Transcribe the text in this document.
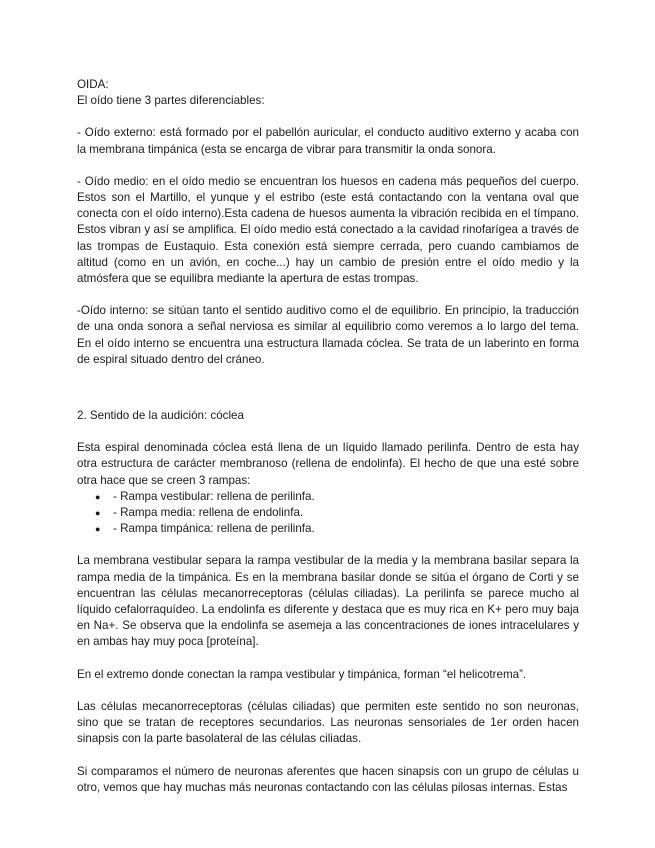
OIDA:

El oído tiene 3 partes diferenciables:

- Oído externo: está formado por el pabellón auricular, el conducto auditivo externo y acaba con la membrana timpánica (esta se encarga de vibrar para transmitir la onda sonora.

- Oído medio: en el oído medio se encuentran los huesos en cadena más pequeños del cuerpo. Estos son el Martillo, el yunque y el estribo (este está contactando con la ventana oval que conecta con el oído interno).Esta cadena de huesos aumenta la vibración recibida en el tímpano. Estos vibran y así se amplifica. El oído medio está conectado a la cavidad rinofarígea a través de las trompas de Eustaquio. Esta conexión está siempre cerrada, pero cuando cambiamos de altitud (como en un avión, en coche...) hay un cambio de presión entre el oído medio y la atmósfera que se equilibra mediante la apertura de estas trompas.

-Oído interno: se sitúan tanto el sentido auditivo como el de equilibrio. En principio, la traducción de una onda sonora a señal nerviosa es similar al equilibrio como veremos a lo largo del tema. En el oído interno se encuentra una estructura llamada cóclea. Se trata de un laberinto en forma de espiral situado dentro del cráneo.

2. Sentido de la audición: cóclea

Esta espiral denominada cóclea está llena de un líquido llamado perilinfa. Dentro de esta hay otra estructura de carácter membranoso (rellena de endolinfa). El hecho de que una esté sobre otra hace que se creen 3 rampas:

● - Rampa vestibular: rellena de perilinfa.
● - Rampa media: rellena de endolinfa.
● - Rampa timpánica: rellena de perilinfa.

La membrana vestibular separa la rampa vestibular de la media y la membrana basilar separa la rampa media de la timpánica. Es en la membrana basilar donde se sitúa el órgano de Corti y se encuentran las células mecanorreceptoras (células ciliadas). La perilinfa se parece mucho al líquido cefalorraquídeo. La endolinfa es diferente y destaca que es muy rica en K+ pero muy baja en Na+. Se observa que la endolinfa se asemeja a las concentraciones de iones intracelulares y en ambas hay muy poca [proteína].

En el extremo donde conectan la rampa vestibular y timpánica, forman “el helicotrema”.

Las células mecanorreceptoras (células ciliadas) que permiten este sentido no son neuronas, sino que se tratan de receptores secundarios. Las neuronas sensoriales de 1er orden hacen sinapsis con la parte basolateral de las células ciliadas.

Si comparamos el número de neuronas aferentes que hacen sinapsis con un grupo de células u otro, vemos que hay muchas más neuronas contactando con las células pilosas internas. Estas
